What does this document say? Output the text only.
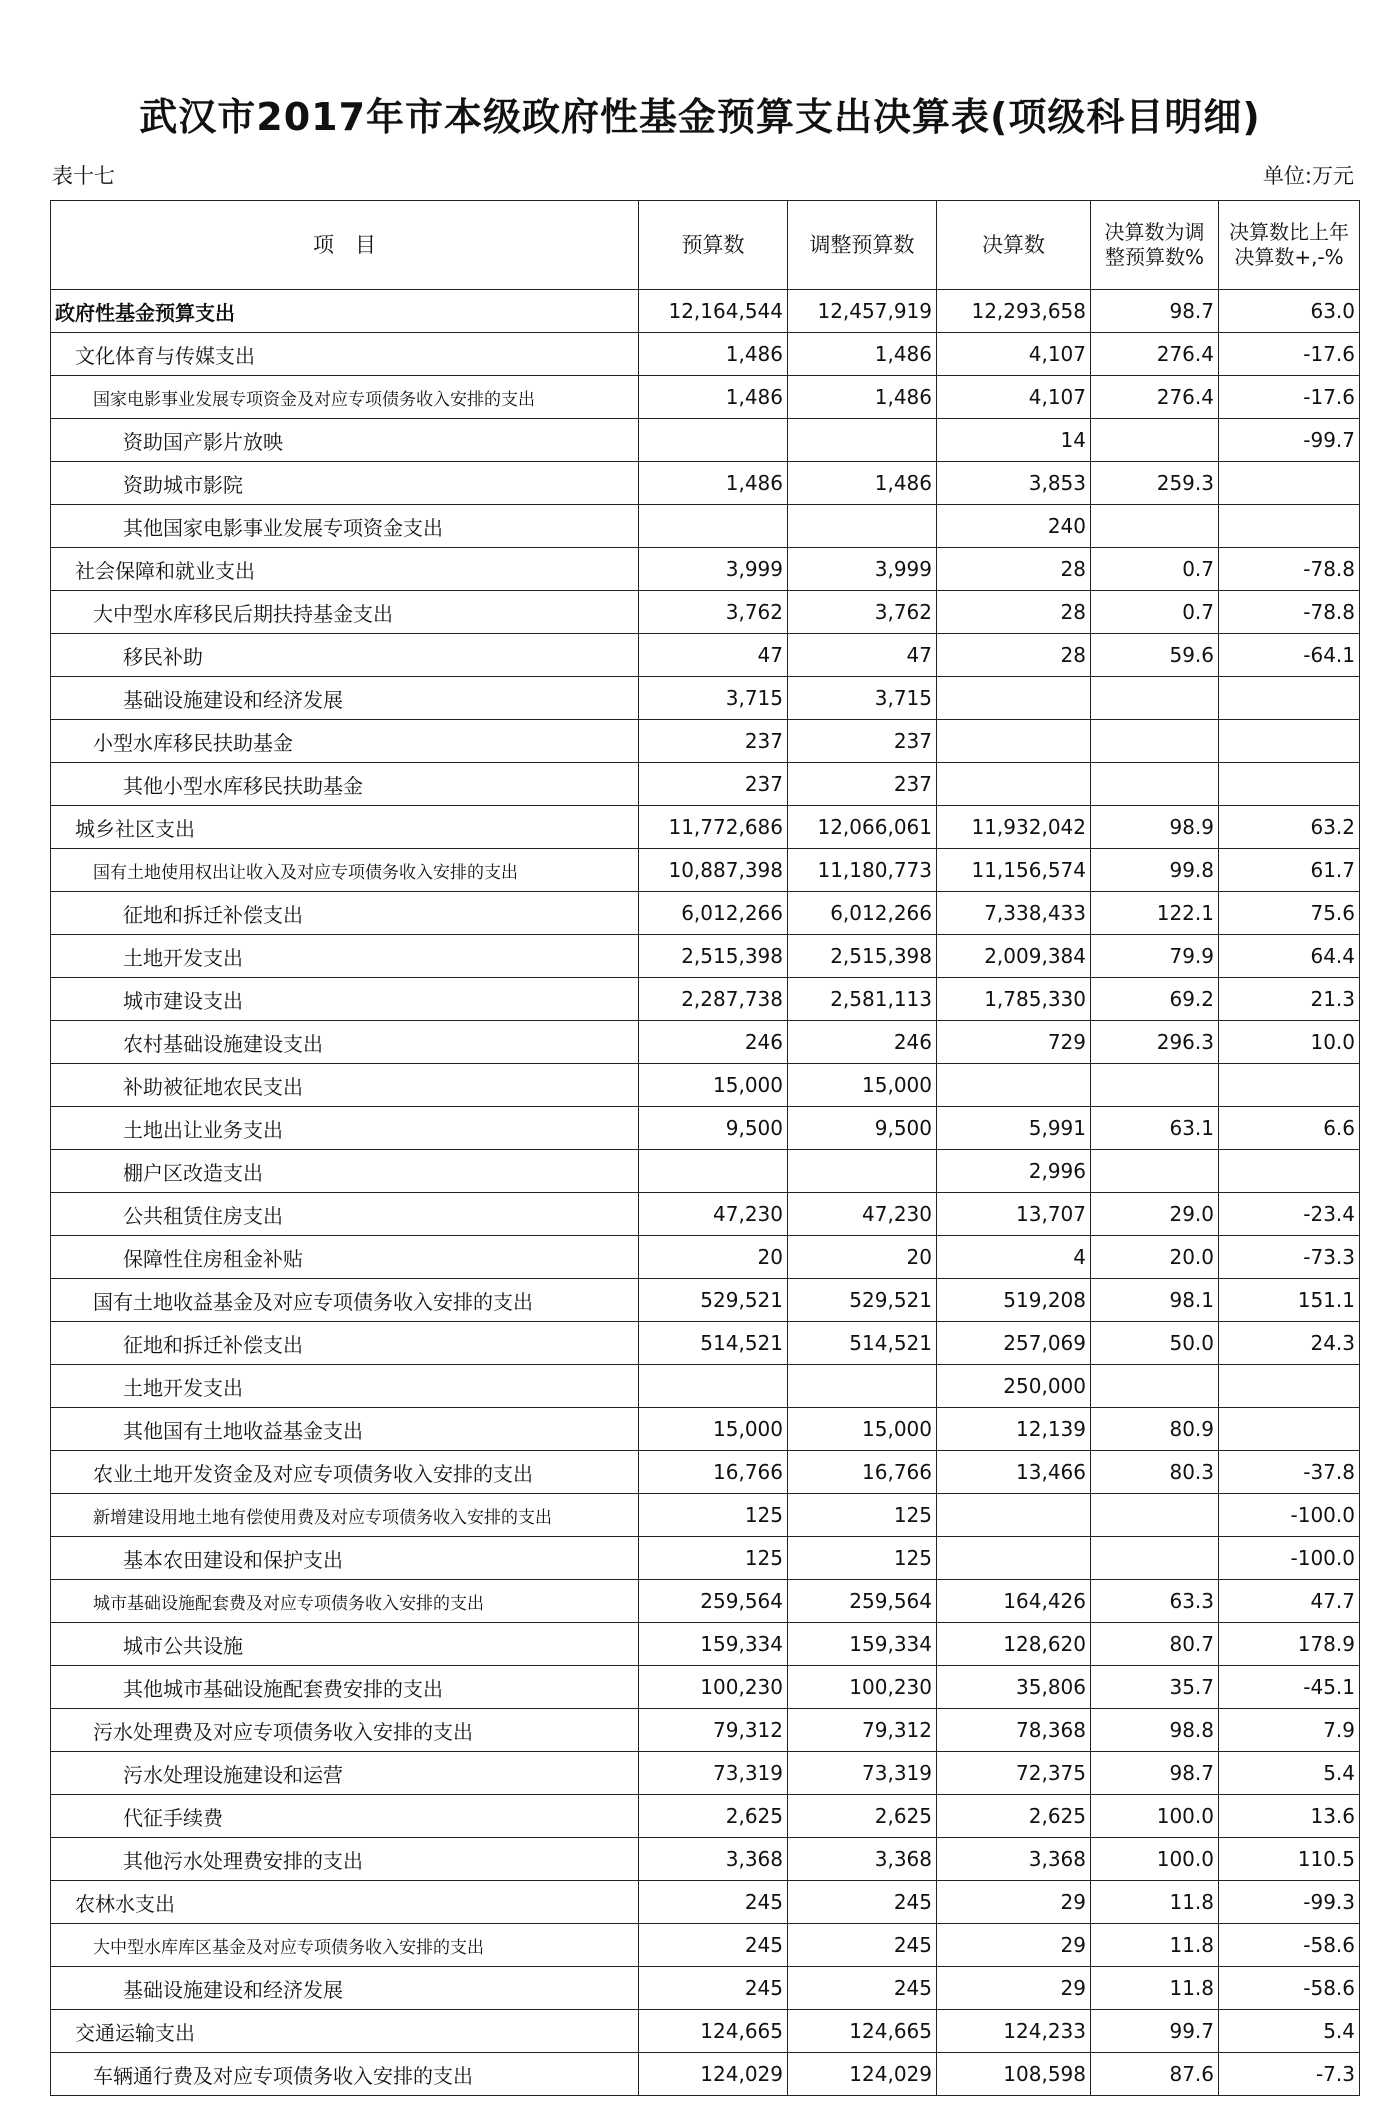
武汉市2017年市本级政府性基金预算支出决算表(项级科目明细)
表十七	单位:万元
项　目	预算数	调整预算数	决算数	决算数为调整预算数%	决算数比上年决算数+,-%
政府性基金预算支出	12,164,544	12,457,919	12,293,658	98.7	63.0
文化体育与传媒支出	1,486	1,486	4,107	276.4	-17.6
国家电影事业发展专项资金及对应专项债务收入安排的支出	1,486	1,486	4,107	276.4	-17.6
资助国产影片放映			14		-99.7
资助城市影院	1,486	1,486	3,853	259.3	
其他国家电影事业发展专项资金支出			240		
社会保障和就业支出	3,999	3,999	28	0.7	-78.8
大中型水库移民后期扶持基金支出	3,762	3,762	28	0.7	-78.8
移民补助	47	47	28	59.6	-64.1
基础设施建设和经济发展	3,715	3,715			
小型水库移民扶助基金	237	237			
其他小型水库移民扶助基金	237	237			
城乡社区支出	11,772,686	12,066,061	11,932,042	98.9	63.2
国有土地使用权出让收入及对应专项债务收入安排的支出	10,887,398	11,180,773	11,156,574	99.8	61.7
征地和拆迁补偿支出	6,012,266	6,012,266	7,338,433	122.1	75.6
土地开发支出	2,515,398	2,515,398	2,009,384	79.9	64.4
城市建设支出	2,287,738	2,581,113	1,785,330	69.2	21.3
农村基础设施建设支出	246	246	729	296.3	10.0
补助被征地农民支出	15,000	15,000			
土地出让业务支出	9,500	9,500	5,991	63.1	6.6
棚户区改造支出			2,996		
公共租赁住房支出	47,230	47,230	13,707	29.0	-23.4
保障性住房租金补贴	20	20	4	20.0	-73.3
国有土地收益基金及对应专项债务收入安排的支出	529,521	529,521	519,208	98.1	151.1
征地和拆迁补偿支出	514,521	514,521	257,069	50.0	24.3
土地开发支出			250,000		
其他国有土地收益基金支出	15,000	15,000	12,139	80.9	
农业土地开发资金及对应专项债务收入安排的支出	16,766	16,766	13,466	80.3	-37.8
新增建设用地土地有偿使用费及对应专项债务收入安排的支出	125	125			-100.0
基本农田建设和保护支出	125	125			-100.0
城市基础设施配套费及对应专项债务收入安排的支出	259,564	259,564	164,426	63.3	47.7
城市公共设施	159,334	159,334	128,620	80.7	178.9
其他城市基础设施配套费安排的支出	100,230	100,230	35,806	35.7	-45.1
污水处理费及对应专项债务收入安排的支出	79,312	79,312	78,368	98.8	7.9
污水处理设施建设和运营	73,319	73,319	72,375	98.7	5.4
代征手续费	2,625	2,625	2,625	100.0	13.6
其他污水处理费安排的支出	3,368	3,368	3,368	100.0	110.5
农林水支出	245	245	29	11.8	-99.3
大中型水库库区基金及对应专项债务收入安排的支出	245	245	29	11.8	-58.6
基础设施建设和经济发展	245	245	29	11.8	-58.6
交通运输支出	124,665	124,665	124,233	99.7	5.4
车辆通行费及对应专项债务收入安排的支出	124,029	124,029	108,598	87.6	-7.3
